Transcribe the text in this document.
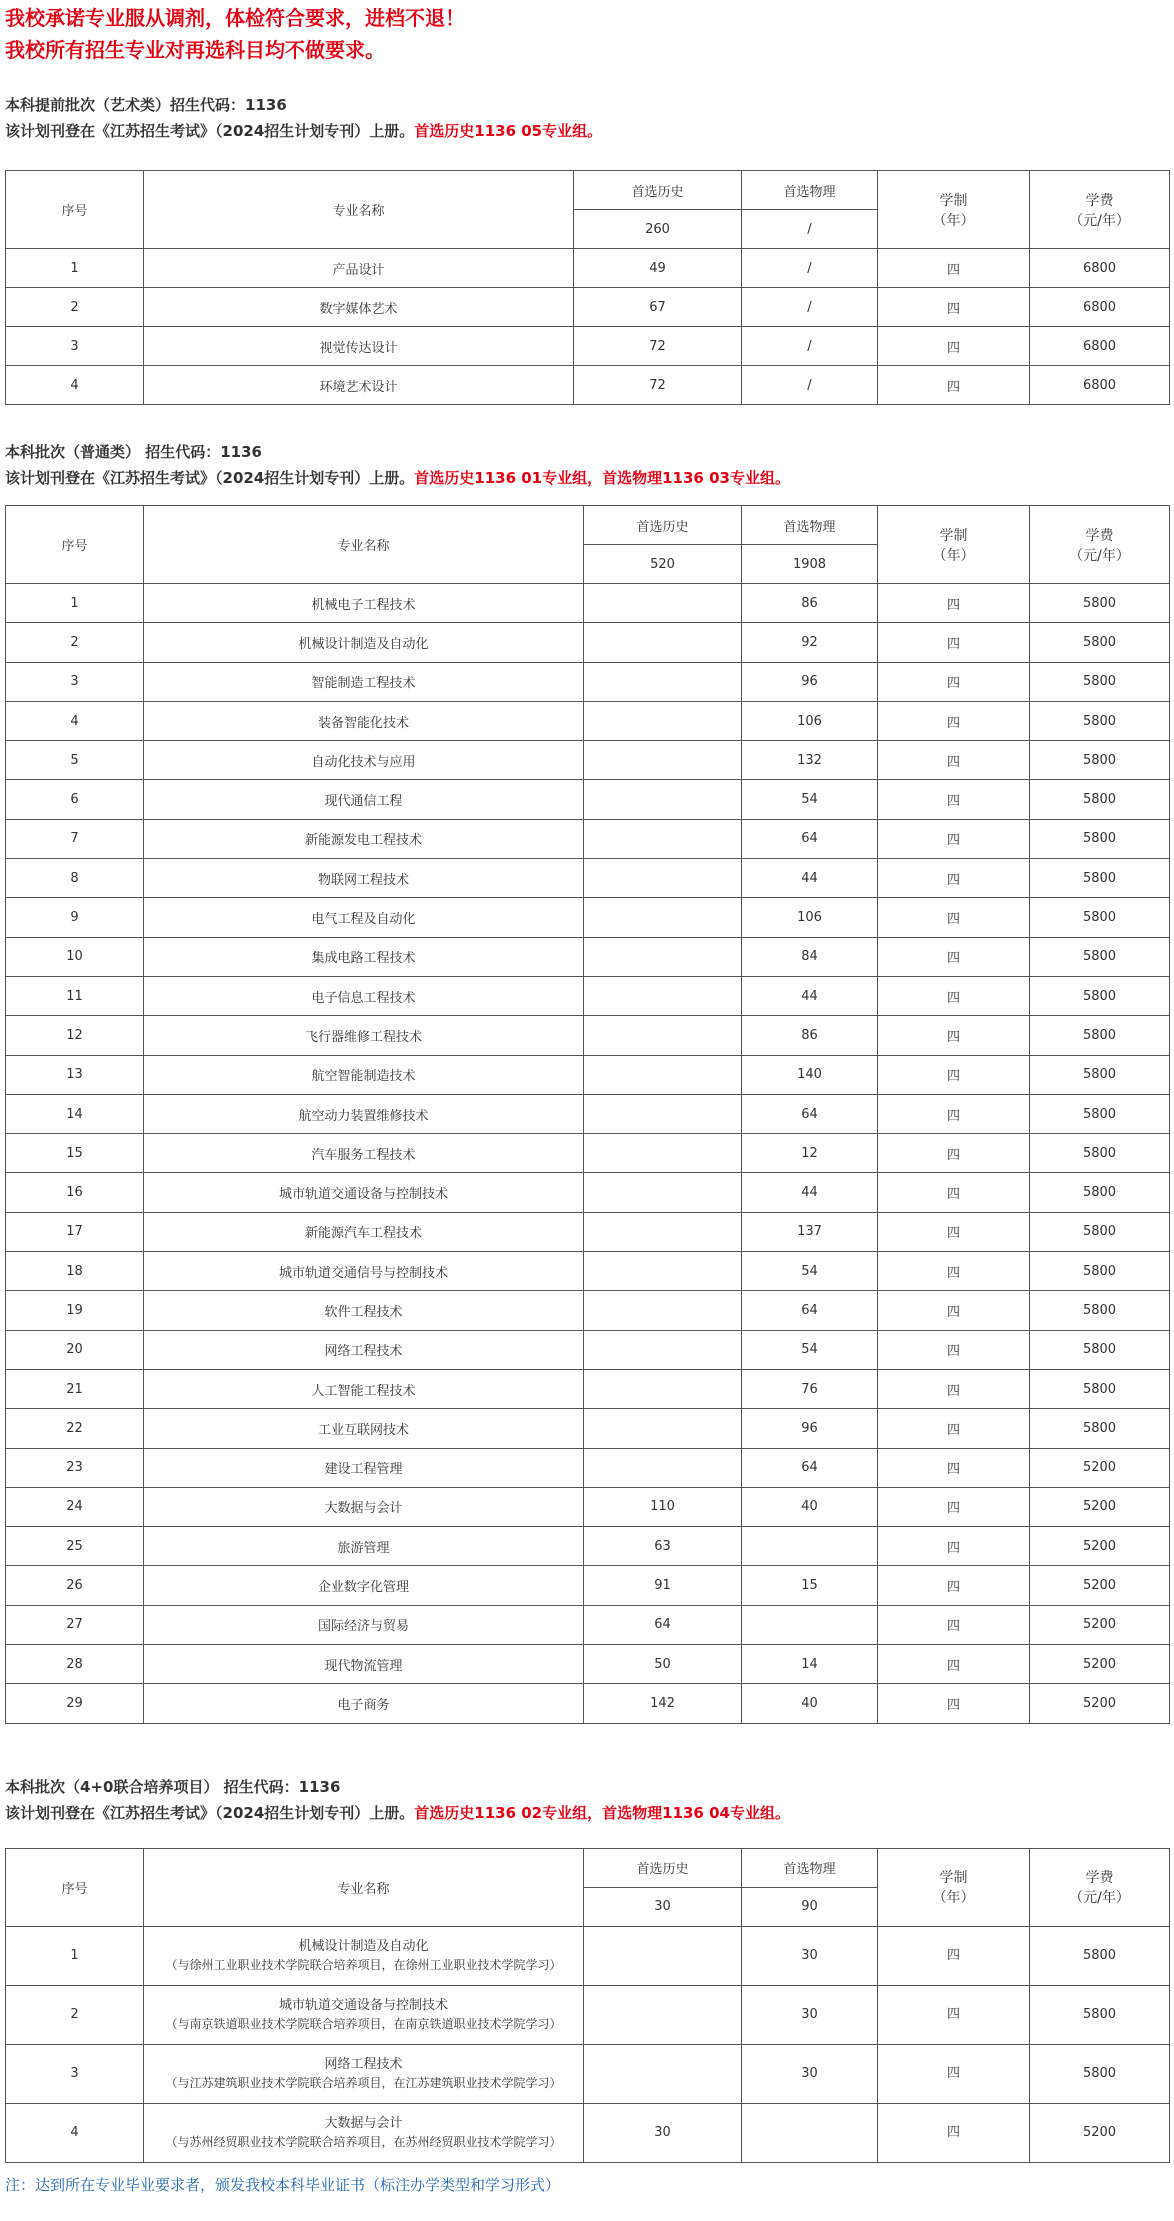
我校承诺专业服从调剂，体检符合要求，进档不退！
我校所有招生专业对再选科目均不做要求。
本科提前批次（艺术类）招生代码：1136
该计划刊登在《江苏招生考试》（2024招生计划专刊）上册。首选历史1136 05专业组。
序号	专业名称	首选历史	首选物理	学制
（年）	学费
（元/年）
		260	/		
1	产品设计	49	/	四	6800
2	数字媒体艺术	67	/	四	6800
3	视觉传达设计	72	/	四	6800
4	环境艺术设计	72	/	四	6800
本科批次（普通类） 招生代码：1136
该计划刊登在《江苏招生考试》（2024招生计划专刊）上册。首选历史1136 01专业组，首选物理1136 03专业组。
序号	专业名称	首选历史	首选物理	学制
（年）	学费
（元/年）
		520	1908		
1	机械电子工程技术		86	四	5800
2	机械设计制造及自动化		92	四	5800
3	智能制造工程技术		96	四	5800
4	装备智能化技术		106	四	5800
5	自动化技术与应用		132	四	5800
6	现代通信工程		54	四	5800
7	新能源发电工程技术		64	四	5800
8	物联网工程技术		44	四	5800
9	电气工程及自动化		106	四	5800
10	集成电路工程技术		84	四	5800
11	电子信息工程技术		44	四	5800
12	飞行器维修工程技术		86	四	5800
13	航空智能制造技术		140	四	5800
14	航空动力装置维修技术		64	四	5800
15	汽车服务工程技术		12	四	5800
16	城市轨道交通设备与控制技术		44	四	5800
17	新能源汽车工程技术		137	四	5800
18	城市轨道交通信号与控制技术		54	四	5800
19	软件工程技术		64	四	5800
20	网络工程技术		54	四	5800
21	人工智能工程技术		76	四	5800
22	工业互联网技术		96	四	5800
23	建设工程管理		64	四	5200
24	大数据与会计	110	40	四	5200
25	旅游管理	63		四	5200
26	企业数字化管理	91	15	四	5200
27	国际经济与贸易	64		四	5200
28	现代物流管理	50	14	四	5200
29	电子商务	142	40	四	5200
本科批次（4+0联合培养项目） 招生代码：1136
该计划刊登在《江苏招生考试》（2024招生计划专刊）上册。首选历史1136 02专业组，首选物理1136 04专业组。
序号	专业名称	首选历史	首选物理	学制
（年）	学费
（元/年）
		30	90		
1	机械设计制造及自动化

（与徐州工业职业技术学院联合培养项目，在徐州工业职业技术学院学习）		30	四	5800
2	城市轨道交通设备与控制技术

（与南京铁道职业技术学院联合培养项目，在南京铁道职业技术学院学习）		30	四	5800
3	网络工程技术

（与江苏建筑职业技术学院联合培养项目，在江苏建筑职业技术学院学习）		30	四	5800
4	大数据与会计

（与苏州经贸职业技术学院联合培养项目，在苏州经贸职业技术学院学习）	30		四	5200
注：达到所在专业毕业要求者，颁发我校本科毕业证书（标注办学类型和学习形式）
